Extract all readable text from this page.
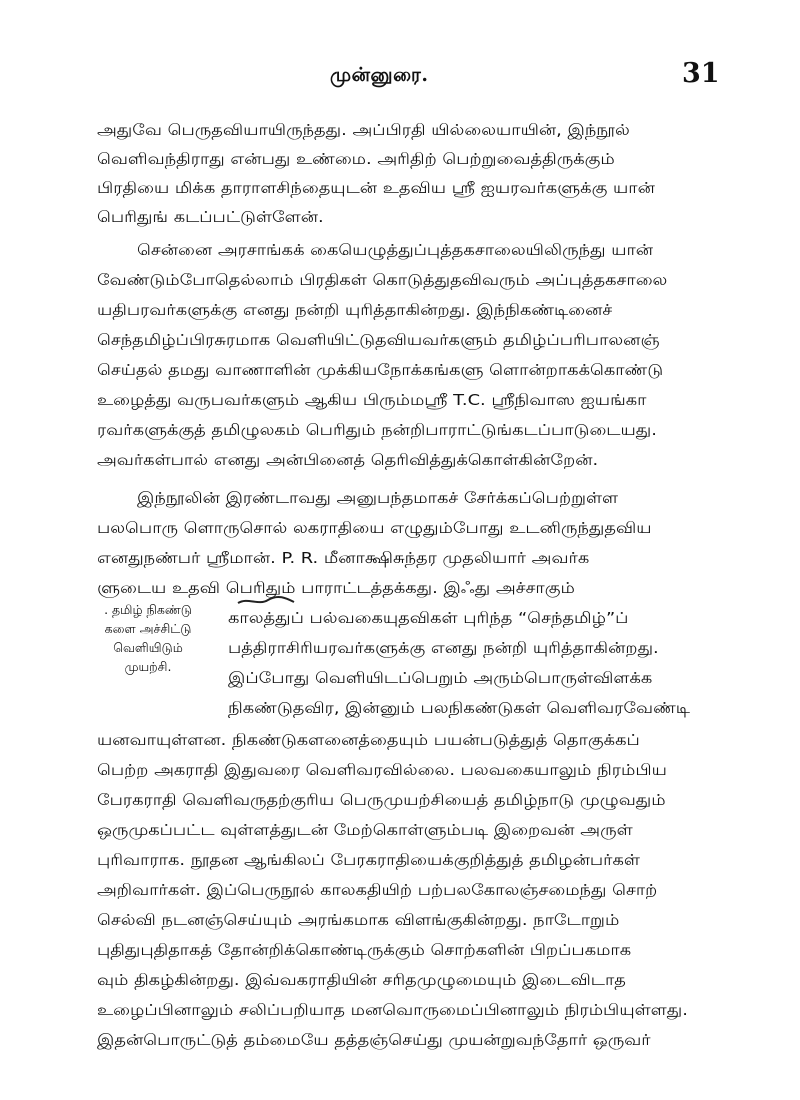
முன்னுரை.	31
அதுவே பெருதவியாயிருந்தது. அப்பிரதி யில்லையாயின், இந்நூல்
வெளிவந்திராது என்பது உண்மை. அரிதிற் பெற்றுவைத்திருக்கும்
பிரதியை மிக்க தாராளசிந்தையுடன் உதவிய ஸ்ரீ ஐயரவர்களுக்கு யான்
பெரிதுங் கடப்பட்டுள்ளேன்.
சென்னை அரசாங்கக் கையெழுத்துப்புத்தகசாலையிலிருந்து யான்
வேண்டும்போதெல்லாம் பிரதிகள் கொடுத்துதவிவரும் அப்புத்தகசாலை
யதிபரவர்களுக்கு எனது நன்றி யுரித்தாகின்றது. இந்நிகண்டினைச்
செந்தமிழ்ப்பிரசுரமாக வெளியிட்டுதவியவர்களும் தமிழ்ப்பரிபாலனஞ்
செய்தல் தமது வாணாளின் முக்கியநோக்கங்களு ளொன்றாகக்கொண்டு
உழைத்து வருபவர்களும் ஆகிய பிரும்மஸ்ரீ T.C. ஸ்ரீநிவாஸ ஐயங்கா
ரவர்களுக்குத் தமிழுலகம் பெரிதும் நன்றிபாராட்டுங்கடப்பாடுடையது.
அவர்கள்பால் எனது அன்பினைத் தெரிவித்துக்கொள்கின்றேன்.
இந்நூலின் இரண்டாவது அனுபந்தமாகச் சேர்க்கப்பெற்றுள்ள
பலபொரு ளொருசொல் லகராதியை எழுதும்போது உடனிருந்துதவிய
எனதுநண்பர் ஸ்ரீமான். P. R. மீனாக்ஷிசுந்தர முதலியார் அவர்க
ளுடைய உதவி பெரிதும் பாராட்டத்தக்கது. இஃது அச்சாகும்
காலத்துப் பல்வகையுதவிகள் புரிந்த “செந்தமிழ்”ப்
பத்திராசிரியரவர்களுக்கு எனது நன்றி யுரித்தாகின்றது.
இப்போது வெளியிடப்பெறும் அரும்பொருள்விளக்க
நிகண்டுதவிர, இன்னும் பலநிகண்டுகள் வெளிவரவேண்டி
யனவாயுள்ளன. நிகண்டுகளனைத்தையும் பயன்படுத்துத் தொகுக்கப்
பெற்ற அகராதி இதுவரை வெளிவரவில்லை. பலவகையாலும் நிரம்பிய
பேரகராதி வெளிவருதற்குரிய பெருமுயற்சியைத் தமிழ்நாடு முழுவதும்
ஒருமுகப்பட்ட வுள்ளத்துடன் மேற்கொள்ளும்படி இறைவன் அருள்
புரிவாராக. நூதன ஆங்கிலப் பேரகராதியைக்குறித்துத் தமிழன்பர்கள்
அறிவார்கள். இப்பெருநூல் காலகதியிற் பற்பலகோலஞ்சமைந்து சொற்
செல்வி நடனஞ்செய்யும் அரங்கமாக விளங்குகின்றது. நாடோறும்
புதிதுபுதிதாகத் தோன்றிக்கொண்டிருக்கும் சொற்களின் பிறப்பகமாக
வும் திகழ்கின்றது. இவ்வகராதியின் சரிதமுழுமையும் இடைவிடாத
உழைப்பினாலும் சலிப்பறியாத மனவொருமைப்பினாலும் நிரம்பியுள்ளது.
இதன்பொருட்டுத் தம்மையே தத்தஞ்செய்து முயன்றுவந்தோர் ஒருவர்
. தமிழ் நிகண்டு
களை அச்சிட்டு
வெளியிடும்
முயற்சி.
